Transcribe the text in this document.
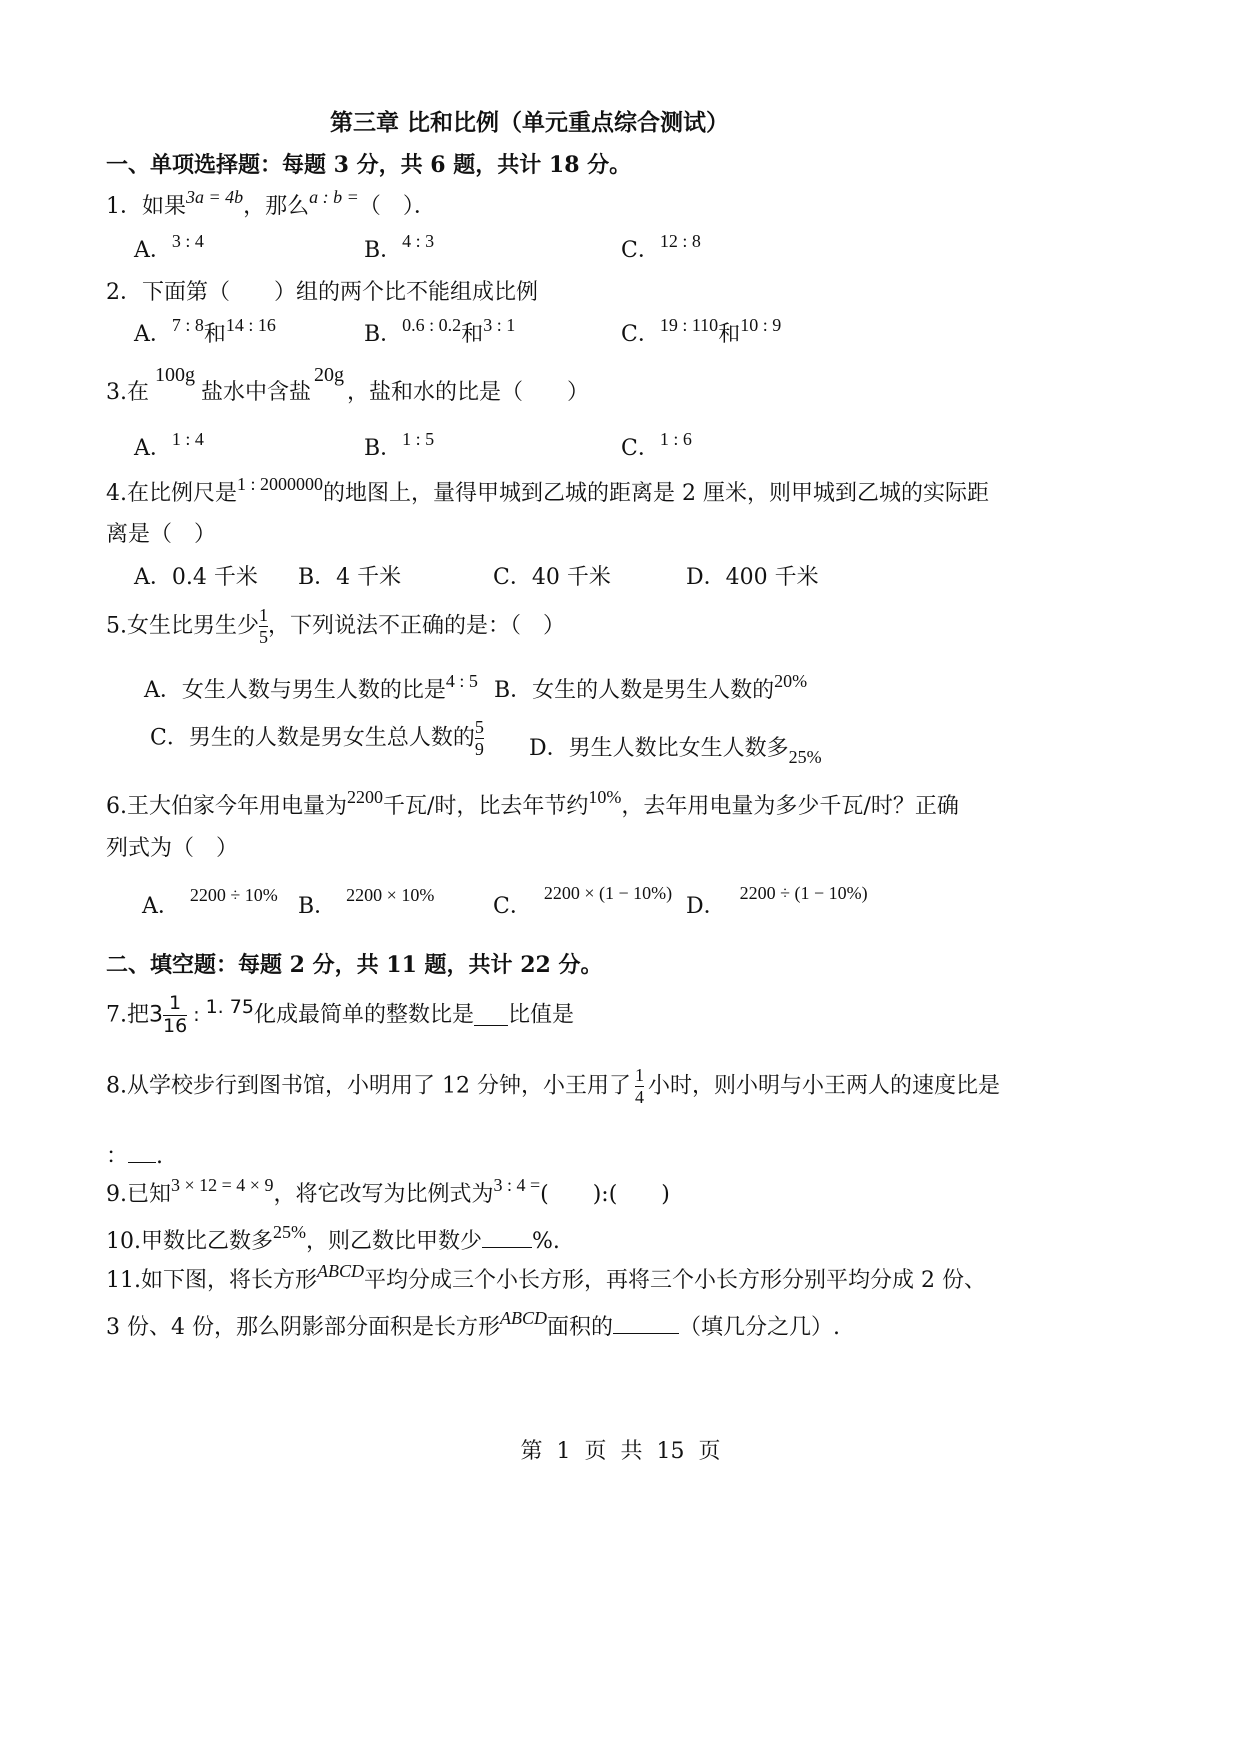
第三章 比和比例（单元重点综合测试）
一、单项选择题：每题 3 分，共 6 题，共计 18 分。
1．如果$^{3a = 4b}$，那么$^{a : b =}$（　）．
A．$^{3 : 4}$	B．$^{4 : 3}$	C．$^{12 : 8}$
2．下面第（　　）组的两个比不能组成比例
A．$^{7 : 8}$和$^{14 : 16}$	B．$^{0.6 : 0.2}$和$^{3 : 1}$	C．$^{19 : 110}$和$^{10 : 9}$
3.在100g盐水中含盐20g，盐和水的比是（　　）
A．$^{1 : 4}$	B．$^{1 : 5}$	C．$^{1 : 6}$
4.在比例尺是$^{1 : 2000000}$的地图上，量得甲城到乙城的距离是 2 厘米，则甲城到乙城的实际距
离是（　）
A．0.4 千米 B．4 千米	C．40 千米	D．400 千米
5.女生比男生少 $\frac{1}{5}$ ，下列说法不正确的是：（　）
A．女生人数与男生人数的比是$^{4 : 5}$ B．女生的人数是男生人数的$^{20\%}$
C．男生的人数是男女生总人数的 $\frac{5}{9}$ D．男生人数比女生人数多$_{25\%}$
6.王大伯家今年用电量为$^{2200}$千瓦/时，比去年节约$^{10\%}$，去年用电量为多少千瓦/时？正确
列式为（　）
A． $^{2200 \div 10\%}$ B． $^{2200 \times 10\%}$	C．$^{2200 \times (1 - 10\%)}$
D．$^{2200 \div (1 - 10\%)}$
二、填空题：每题 2 分，共 11 题，共计 22 分。
7.把$3 \frac{1}{16}$ : 1. 75化成最简单的整数比是 比值是
8.从学校步行到图书馆，小明用了 12 分钟，小王用了 $\frac{1}{4}$ 小时，则小明与小王两人的速度比是
： .
9.已知$^{3 \times 12 = 4 \times 9}$，将它改写为比例式为$^{3 : 4 =}$(　　):(　　)
10.甲数比乙数多$^{25\%}$，则乙数比甲数少 %.
11.如下图，将长方形$^{ABCD}$平均分成三个小长方形，再将三个小长方形分别平均分成 2 份、
3 份、4 份，那么阴影部分面积是长方形$^{ABCD}$面积的	（填几分之几）.
第  1  页  共  15  页
